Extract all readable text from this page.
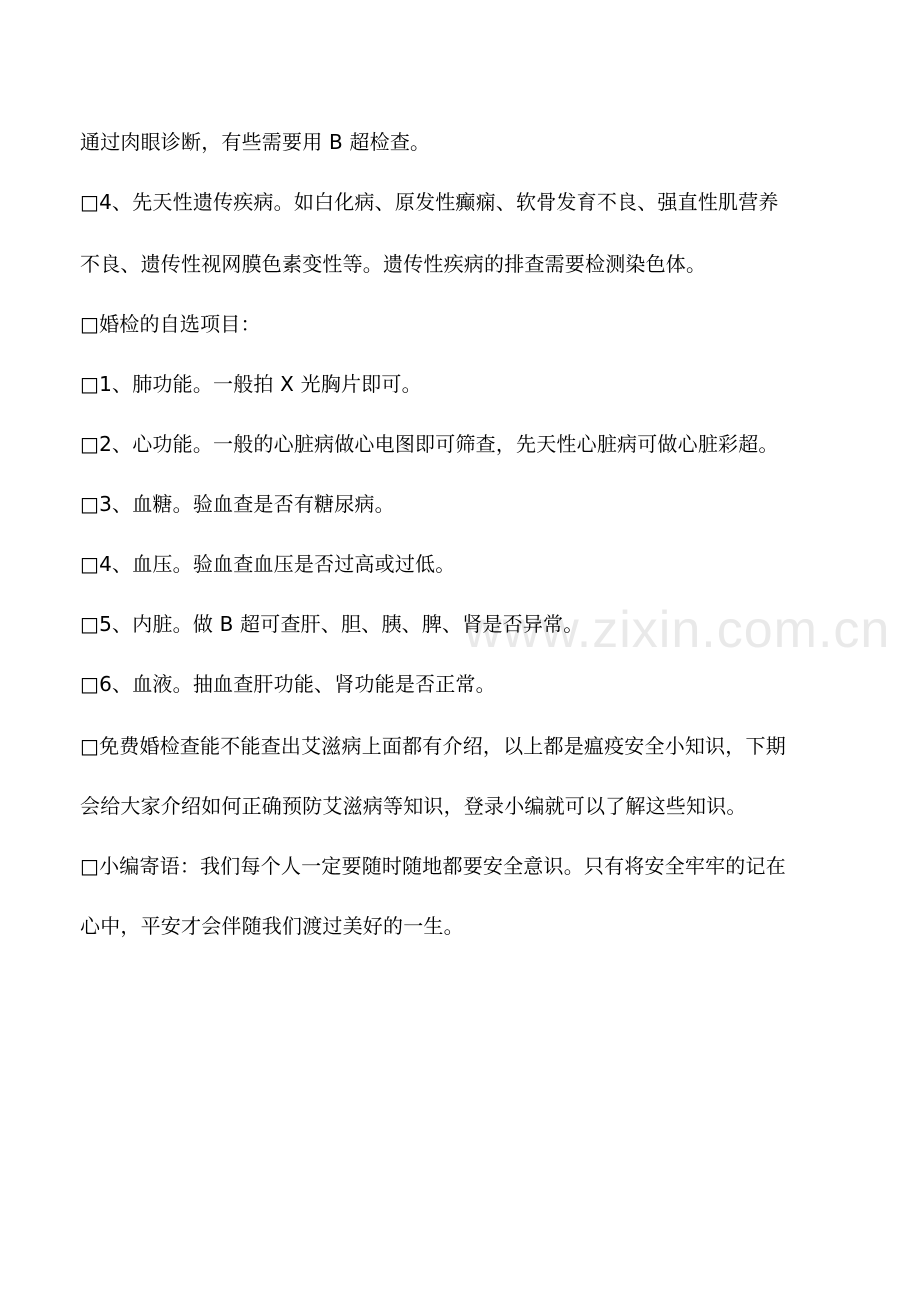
www.zixin.com.cn
通过肉眼诊断，有些需要用 B 超检查。
□4、先天性遗传疾病。如白化病、原发性癫痫、软骨发育不良、强直性肌营养
不良、遗传性视网膜色素变性等。遗传性疾病的排查需要检测染色体。
□婚检的自选项目：
□1、肺功能。一般拍 X 光胸片即可。
□2、心功能。一般的心脏病做心电图即可筛查，先天性心脏病可做心脏彩超。
□3、血糖。验血查是否有糖尿病。
□4、血压。验血查血压是否过高或过低。
□5、内脏。做 B 超可查肝、胆、胰、脾、肾是否异常。
□6、血液。抽血查肝功能、肾功能是否正常。
□免费婚检查能不能查出艾滋病上面都有介绍，以上都是瘟疫安全小知识，下期
会给大家介绍如何正确预防艾滋病等知识，登录小编就可以了解这些知识。
□小编寄语：我们每个人一定要随时随地都要安全意识。只有将安全牢牢的记在
心中，平安才会伴随我们渡过美好的一生。
